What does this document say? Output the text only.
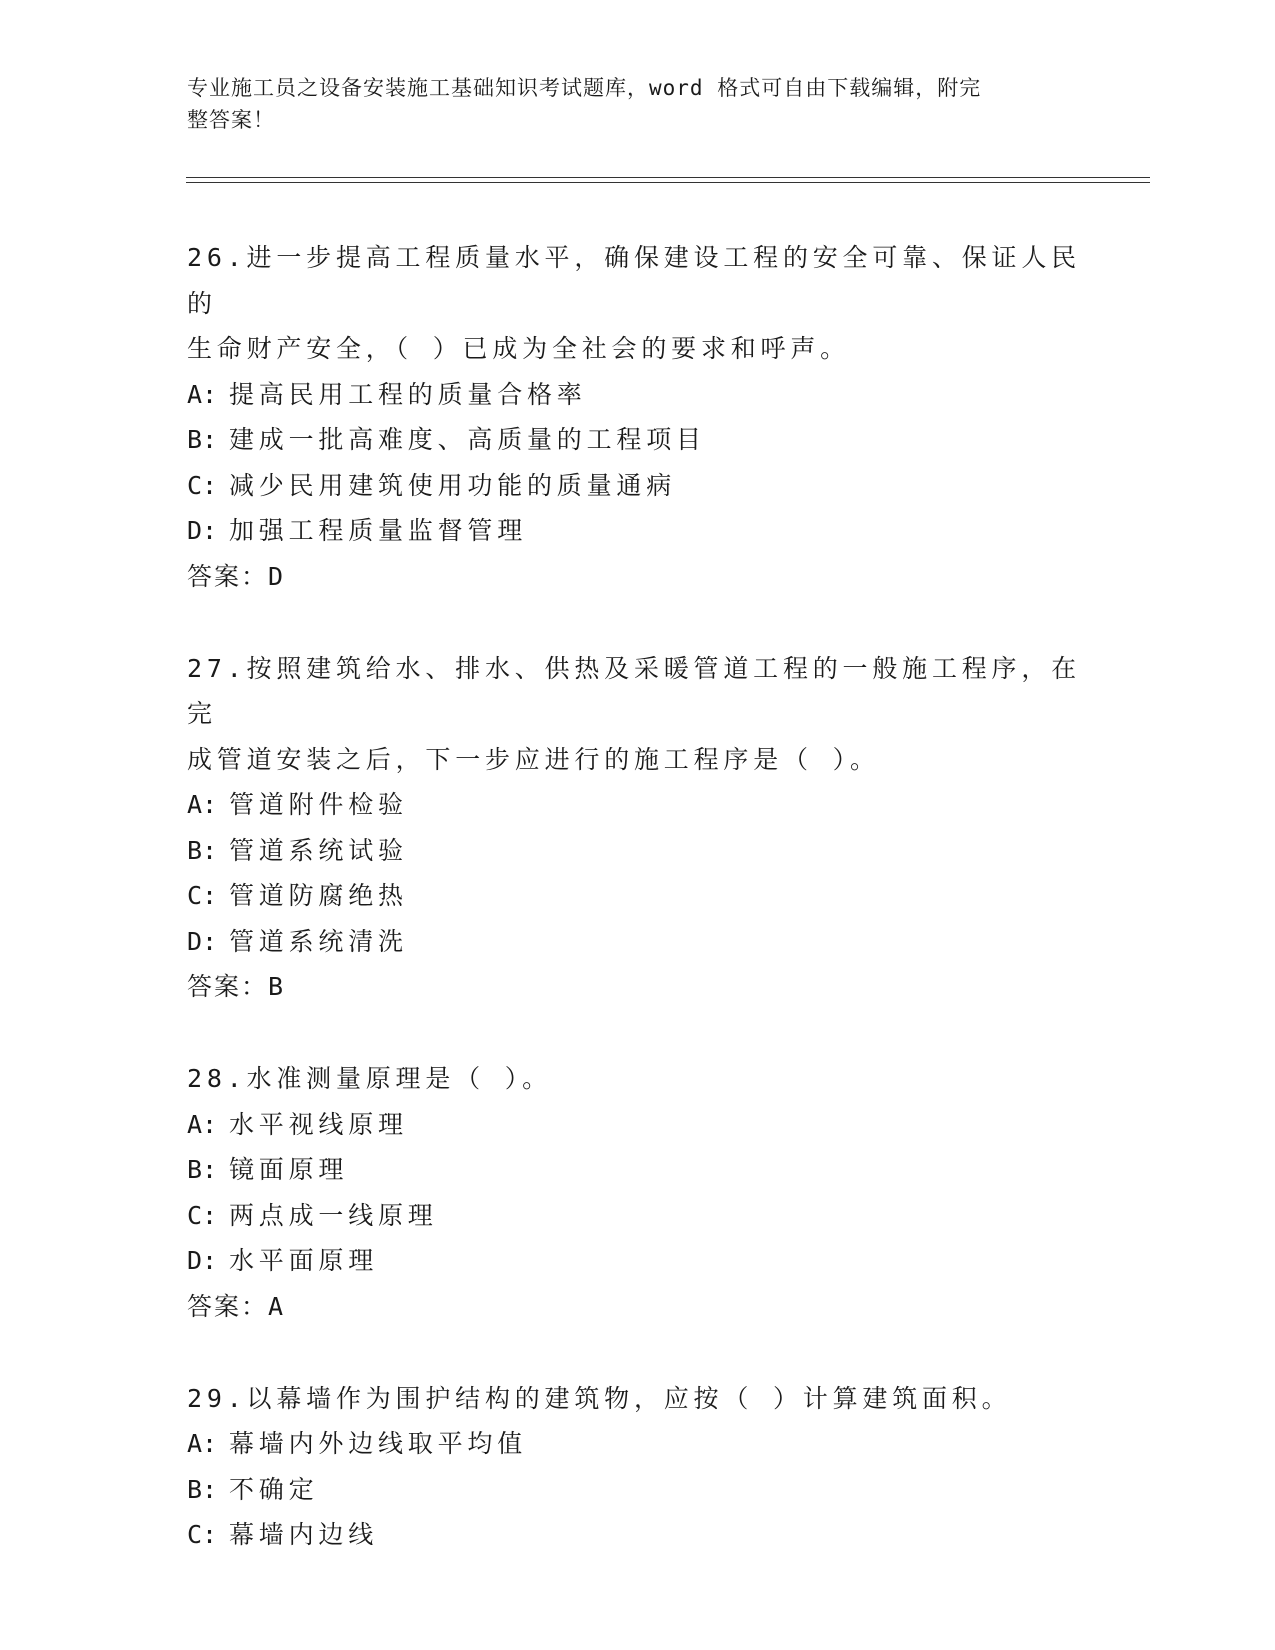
专业施工员之设备安装施工基础知识考试题库，word 格式可自由下载编辑，附完
整答案！
26.进一步提高工程质量水平，确保建设工程的安全可靠、保证人民的
生命财产安全，（ ）已成为全社会的要求和呼声。
A: 提高民用工程的质量合格率
B: 建成一批高难度、高质量的工程项目
C: 减少民用建筑使用功能的质量通病
D: 加强工程质量监督管理
答案：D
27.按照建筑给水、排水、供热及采暖管道工程的一般施工程序，在完
成管道安装之后，下一步应进行的施工程序是（ ）。
A: 管道附件检验
B: 管道系统试验
C: 管道防腐绝热
D: 管道系统清洗
答案：B
28.水准测量原理是（ ）。
A: 水平视线原理
B: 镜面原理
C: 两点成一线原理
D: 水平面原理
答案：A
29.以幕墙作为围护结构的建筑物，应按（ ）计算建筑面积。
A: 幕墙内外边线取平均值
B: 不确定
C: 幕墙内边线
